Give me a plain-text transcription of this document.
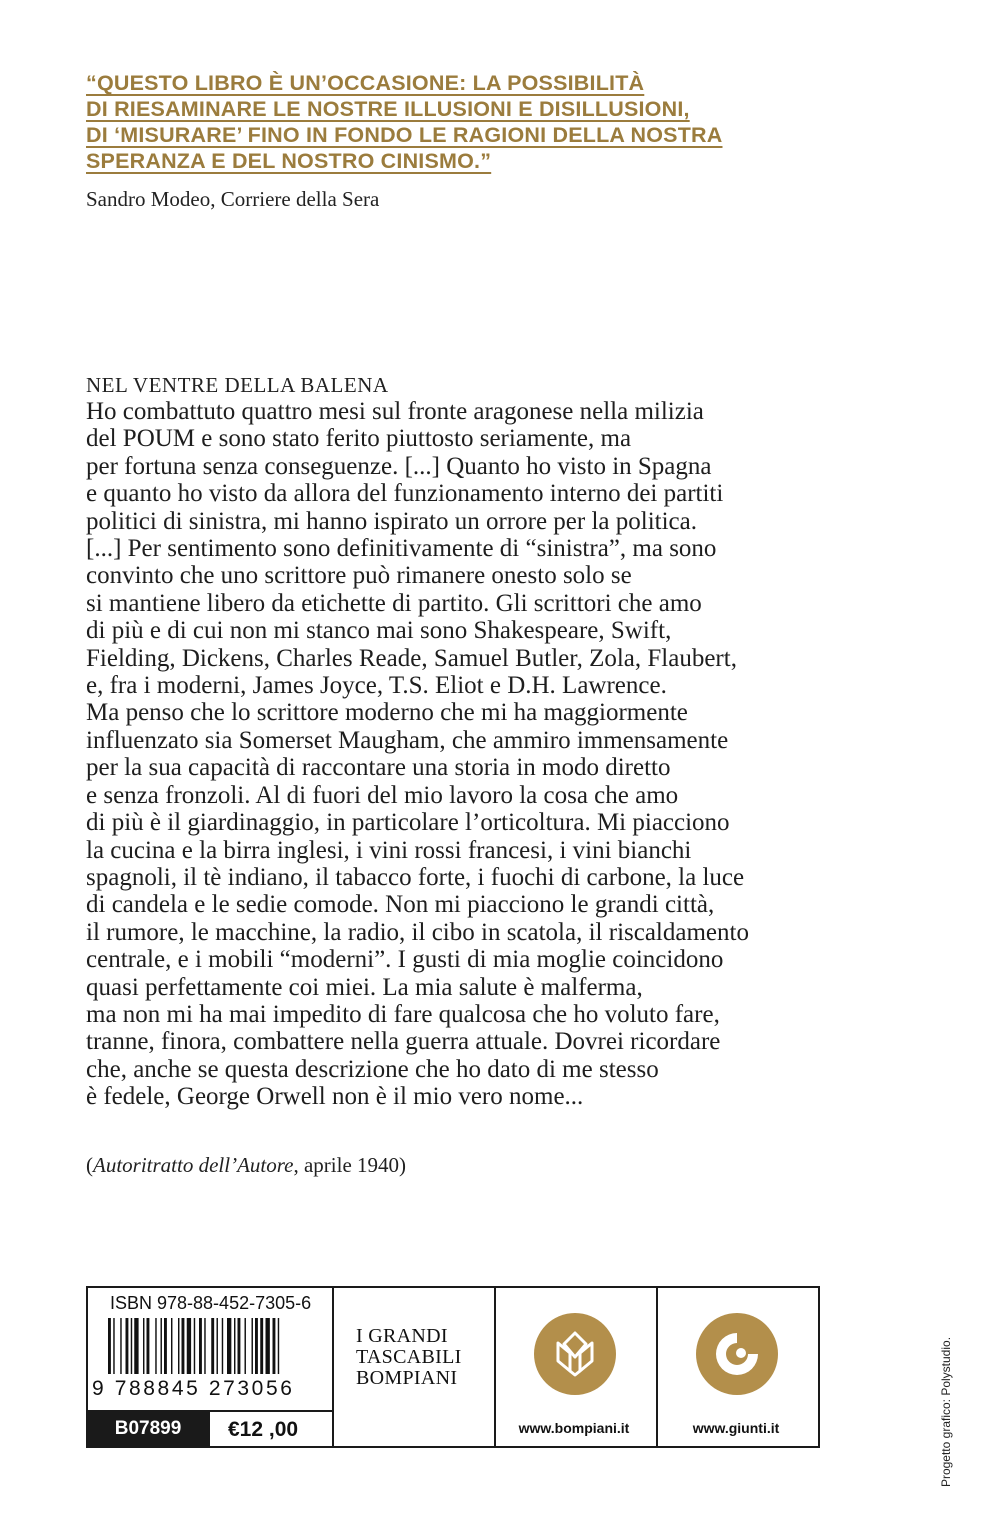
“QUESTO LIBRO È UN’OCCASIONE: LA POSSIBILITÀ
DI RIESAMINARE LE NOSTRE ILLUSIONI E DISILLUSIONI,
DI ‘MISURARE’ FINO IN FONDO LE RAGIONI DELLA NOSTRA
SPERANZA E DEL NOSTRO CINISMO.”
Sandro Modeo, Corriere della Sera
NEL VENTRE DELLA BALENA
Ho combattuto quattro mesi sul fronte aragonese nella milizia
del POUM e sono stato ferito piuttosto seriamente, ma
per fortuna senza conseguenze. [...] Quanto ho visto in Spagna
e quanto ho visto da allora del funzionamento interno dei partiti
politici di sinistra, mi hanno ispirato un orrore per la politica.
[...] Per sentimento sono definitivamente di “sinistra”, ma sono
convinto che uno scrittore può rimanere onesto solo se
si mantiene libero da etichette di partito. Gli scrittori che amo
di più e di cui non mi stanco mai sono Shakespeare, Swift,
Fielding, Dickens, Charles Reade, Samuel Butler, Zola, Flaubert,
e, fra i moderni, James Joyce, T.S. Eliot e D.H. Lawrence.
Ma penso che lo scrittore moderno che mi ha maggiormente
influenzato sia Somerset Maugham, che ammiro immensamente
per la sua capacità di raccontare una storia in modo diretto
e senza fronzoli. Al di fuori del mio lavoro la cosa che amo
di più è il giardinaggio, in particolare l’orticoltura. Mi piacciono
la cucina e la birra inglesi, i vini rossi francesi, i vini bianchi
spagnoli, il tè indiano, il tabacco forte, i fuochi di carbone, la luce
di candela e le sedie comode. Non mi piacciono le grandi città,
il rumore, le macchine, la radio, il cibo in scatola, il riscaldamento
centrale, e i mobili “moderni”. I gusti di mia moglie coincidono
quasi perfettamente coi miei. La mia salute è malferma,
ma non mi ha mai impedito di fare qualcosa che ho voluto fare,
tranne, finora, combattere nella guerra attuale. Dovrei ricordare
che, anche se questa descrizione che ho dato di me stesso
è fedele, George Orwell non è il mio vero nome...
(Autoritratto dell’Autore, aprile 1940)
ISBN 978-88-452-7305-6
9 788845 273056
B07899	€12 ,00
I GRANDI
TASCABILI
BOMPIANI
www.bompiani.it	www.giunti.it	Progetto grafico: Polystudio.
